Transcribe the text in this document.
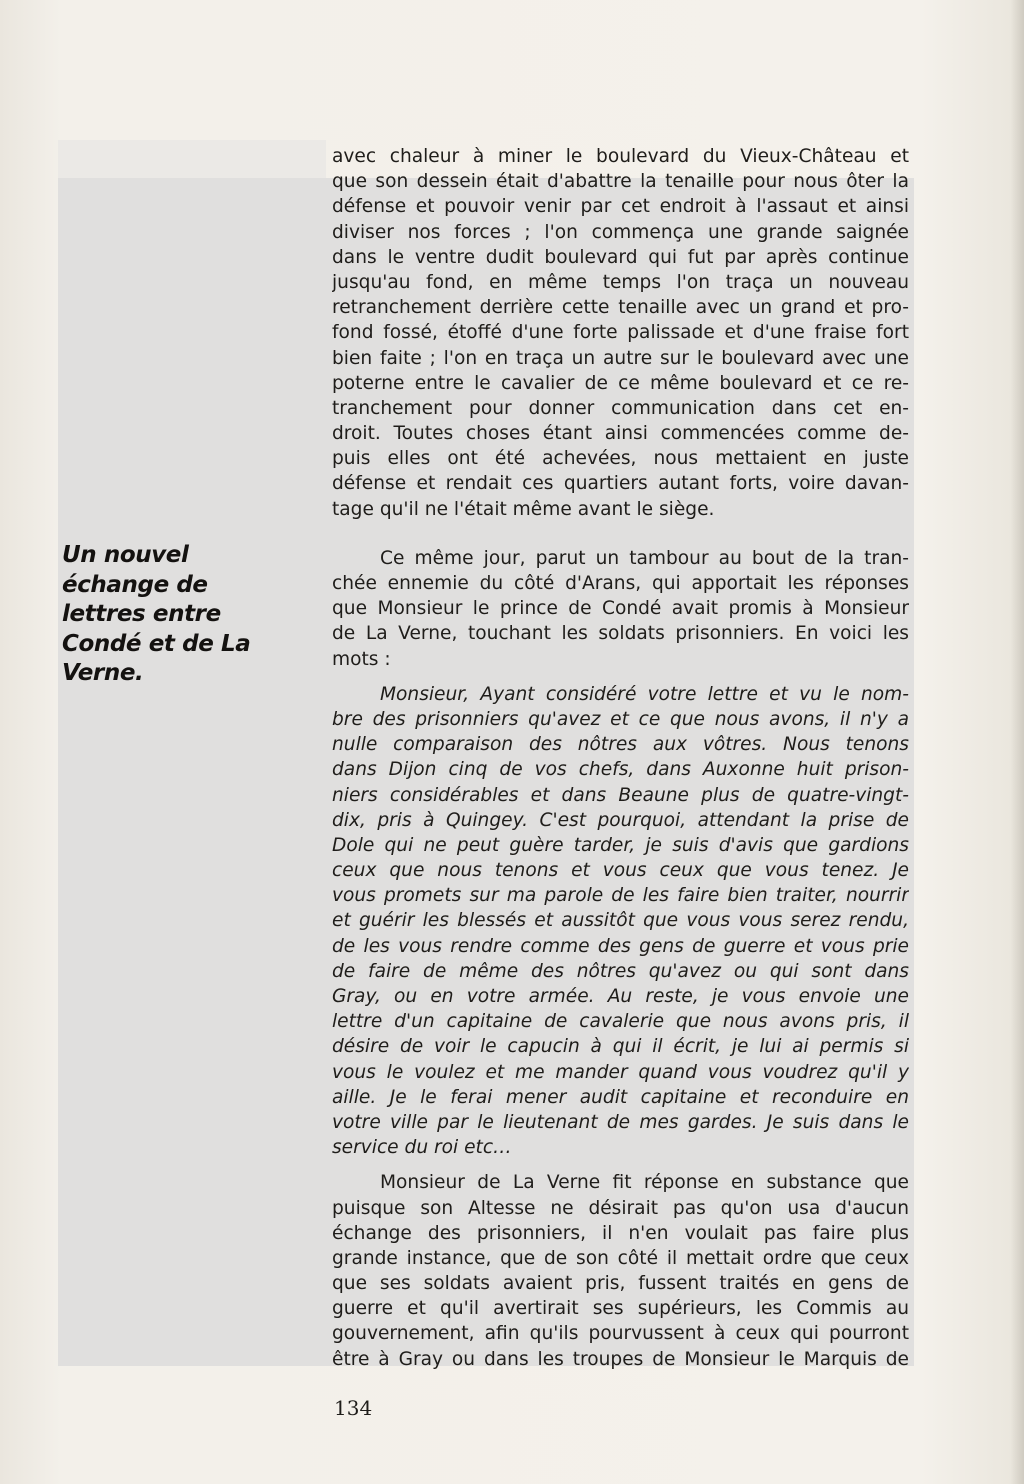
Un nouvel
échange de
lettres entre
Condé et de La
Verne.
avec chaleur à miner le boulevard du Vieux-Château et
que son dessein était d'abattre la tenaille pour nous ôter la
défense et pouvoir venir par cet endroit à l'assaut et ainsi
diviser nos forces ; l'on commença une grande saignée
dans le ventre dudit boulevard qui fut par après continue
jusqu'au fond, en même temps l'on traça un nouveau
retranchement derrière cette tenaille avec un grand et pro-
fond fossé, étoffé d'une forte palissade et d'une fraise fort
bien faite ; l'on en traça un autre sur le boulevard avec une
poterne entre le cavalier de ce même boulevard et ce re-
tranchement pour donner communication dans cet en-
droit. Toutes choses étant ainsi commencées comme de-
puis elles ont été achevées, nous mettaient en juste
défense et rendait ces quartiers autant forts, voire davan-
tage qu'il ne l'était même avant le siège.
Ce même jour, parut un tambour au bout de la tran-
chée ennemie du côté d'Arans, qui apportait les réponses
que Monsieur le prince de Condé avait promis à Monsieur
de La Verne, touchant les soldats prisonniers. En voici les
mots :
Monsieur, Ayant considéré votre lettre et vu le nom-
bre des prisonniers qu'avez et ce que nous avons, il n'y a
nulle comparaison des nôtres aux vôtres. Nous tenons
dans Dijon cinq de vos chefs, dans Auxonne huit prison-
niers considérables et dans Beaune plus de quatre-vingt-
dix, pris à Quingey. C'est pourquoi, attendant la prise de
Dole qui ne peut guère tarder, je suis d'avis que gardions
ceux que nous tenons et vous ceux que vous tenez. Je
vous promets sur ma parole de les faire bien traiter, nourrir
et guérir les blessés et aussitôt que vous vous serez rendu,
de les vous rendre comme des gens de guerre et vous prie
de faire de même des nôtres qu'avez ou qui sont dans
Gray, ou en votre armée. Au reste, je vous envoie une
lettre d'un capitaine de cavalerie que nous avons pris, il
désire de voir le capucin à qui il écrit, je lui ai permis si
vous le voulez et me mander quand vous voudrez qu'il y
aille. Je le ferai mener audit capitaine et reconduire en
votre ville par le lieutenant de mes gardes. Je suis dans le
service du roi etc…
Monsieur de La Verne fit réponse en substance que
puisque son Altesse ne désirait pas qu'on usa d'aucun
échange des prisonniers, il n'en voulait pas faire plus
grande instance, que de son côté il mettait ordre que ceux
que ses soldats avaient pris, fussent traités en gens de
guerre et qu'il avertirait ses supérieurs, les Commis au
gouvernement, afin qu'ils pourvussent à ceux qui pourront
être à Gray ou dans les troupes de Monsieur le Marquis de
134
